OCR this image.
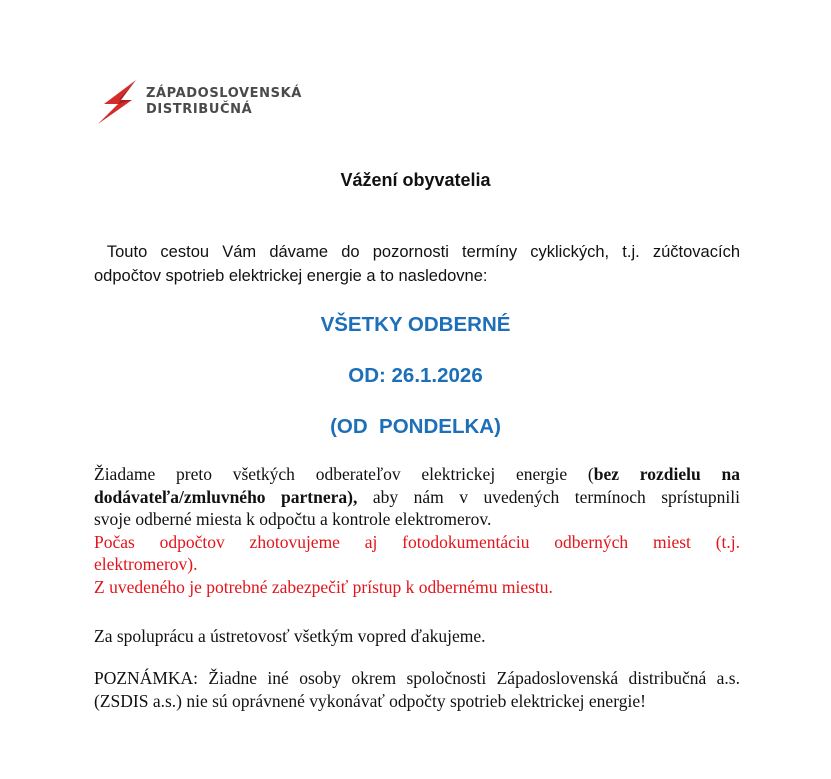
ZÁPADOSLOVENSKÁ
DISTRIBUČNÁ
Vážení obyvatelia
Touto cestou Vám dávame do pozornosti termíny cyklických, t.j. zúčtovacích
odpočtov spotrieb elektrickej energie a to nasledovne:
VŠETKY ODBERNÉ
OD: 26.1.2026
(OD  PONDELKA)
Žiadame preto všetkých odberateľov elektrickej energie (bez rozdielu na
dodávateľa/zmluvného partnera), aby nám v uvedených termínoch sprístupnili
svoje odberné miesta k odpočtu a kontrole elektromerov.
Počas odpočtov zhotovujeme aj fotodokumentáciu odberných miest (t.j.
elektromerov).
Z uvedeného je potrebné zabezpečiť prístup k odbernému miestu.
Za spoluprácu a ústretovosť všetkým vopred ďakujeme.
POZNÁMKA: Žiadne iné osoby okrem spoločnosti Západoslovenská distribučná a.s.
(ZSDIS a.s.) nie sú oprávnené vykonávať odpočty spotrieb elektrickej energie!
